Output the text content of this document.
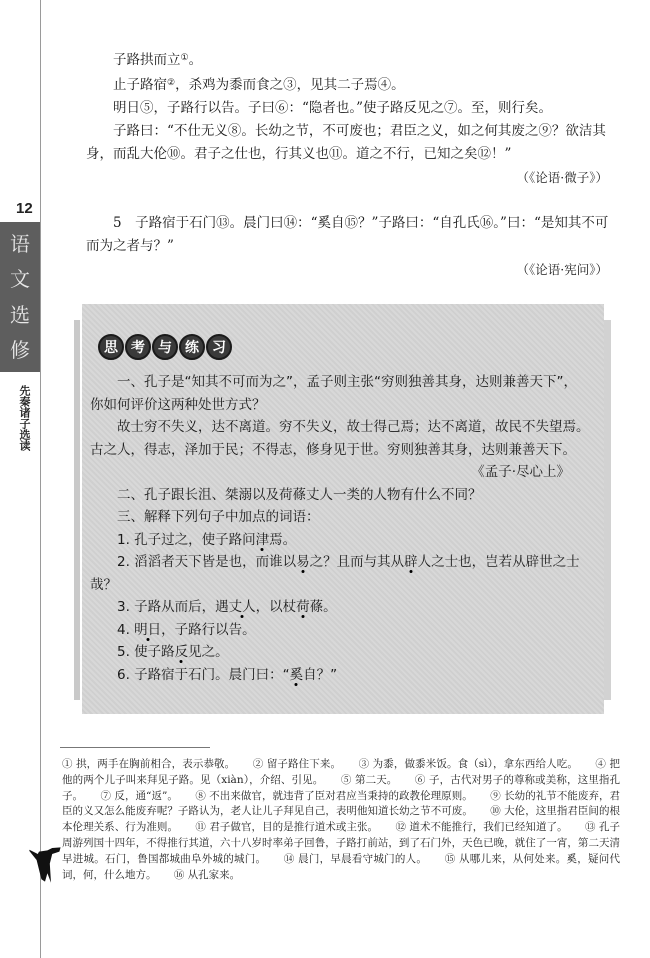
12
语
文
选
修
先秦诸子选读

子路拱而立①。

止子路宿②，杀鸡为黍而食之③，见其二子焉④。

明日⑤，子路行以告。子曰⑥：“隐者也。”使子路反见之⑦。至，则行矣。

子路曰：“不仕无义⑧。长幼之节，不可废也；君臣之义，如之何其废之⑨？欲洁其身，而乱大伦⑩。君子之仕也，行其义也⑪。道之不行，已知之矣⑫！”

（《论语·微子》）

5　子路宿于石门⑬。晨门曰⑭：“奚自⑮？”子路曰：“自孔氏⑯。”曰：“是知其不可而为之者与？”

（《论语·宪问》）

思 考 与 练 习

一、孔子是“知其不可而为之”，孟子则主张“穷则独善其身，达则兼善天下”，你如何评价这两种处世方式？

故士穷不失义，达不离道。穷不失义，故士得己焉；达不离道，故民不失望焉。古之人，得志，泽加于民；不得志，修身见于世。穷则独善其身，达则兼善天下。

《孟子·尽心上》

二、孔子跟长沮、桀溺以及荷蓧丈人一类的人物有什么不同？

三、解释下列句子中加点的词语：

1. 孔子过之，使子路问津焉。

2. 滔滔者天下皆是也，而谁以易之？且而与其从辟人之士也，岂若从辟世之士哉？

3. 子路从而后，遇丈人，以杖荷蓧。

4. 明日，子路行以告。

5. 使子路反见之。

6. 子路宿于石门。晨门曰：“奚自？”

① 拱，两手在胸前相合，表示恭敬。 ② 留子路住下来。 ③ 为黍，做黍米饭。食（sì），拿东西给人吃。 ④ 把他的两个儿子叫来拜见子路。见（xiàn），介绍、引见。 ⑤ 第二天。 ⑥ 子，古代对男子的尊称或美称，这里指孔子。 ⑦ 反，通“返”。 ⑧ 不出来做官，就违背了臣对君应当秉持的政教伦理原则。 ⑨ 长幼的礼节不能废弃，君臣的义又怎么能废弃呢？子路认为，老人让儿子拜见自己，表明他知道长幼之节不可废。 ⑩ 大伦，这里指君臣间的根本伦理关系、行为准则。 ⑪ 君子做官，目的是推行道术或主张。 ⑫ 道术不能推行，我们已经知道了。 ⑬ 孔子周游列国十四年，不得推行其道，六十八岁时率弟子回鲁，子路打前站，到了石门外，天色已晚，就住了一宵，第二天清早进城。石门，鲁国都城曲阜外城的城门。 ⑭ 晨门，早晨看守城门的人。 ⑮ 从哪儿来，从何处来。奚，疑问代词，何，什么地方。 ⑯ 从孔家来。
